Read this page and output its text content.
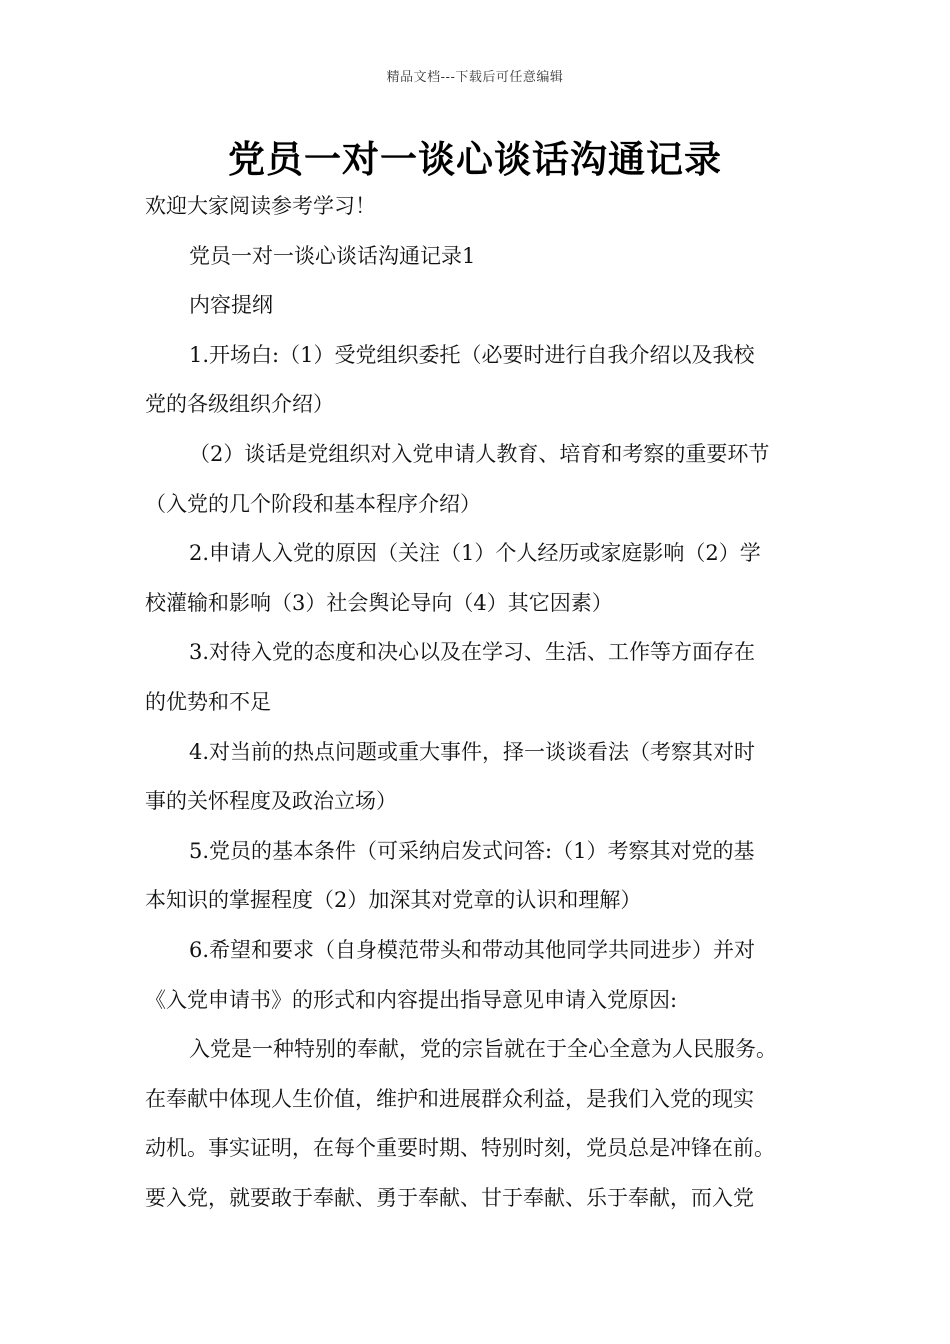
精品文档---下载后可任意编辑
党员一对一谈心谈话沟通记录

欢迎大家阅读参考学习！

党员一对一谈心谈话沟通记录1

内容提纲

1.开场白:（1）受党组织委托（必要时进行自我介绍以及我校

党的各级组织介绍）

（2）谈话是党组织对入党申请人教育、培育和考察的重要环节

（入党的几个阶段和基本程序介绍）

2.申请人入党的原因（关注（1）个人经历或家庭影响（2）学

校灌输和影响（3）社会舆论导向（4）其它因素）

3.对待入党的态度和决心以及在学习、生活、工作等方面存在

的优势和不足

4.对当前的热点问题或重大事件，择一谈谈看法（考察其对时

事的关怀程度及政治立场）

5.党员的基本条件（可采纳启发式问答:（1）考察其对党的基

本知识的掌握程度（2）加深其对党章的认识和理解）

6.希望和要求（自身模范带头和带动其他同学共同进步）并对

《入党申请书》的形式和内容提出指导意见申请入党原因:

入党是一种特别的奉献，党的宗旨就在于全心全意为人民服务。

在奉献中体现人生价值，维护和进展群众利益，是我们入党的现实

动机。事实证明，在每个重要时期、特别时刻，党员总是冲锋在前。

要入党，就要敢于奉献、勇于奉献、甘于奉献、乐于奉献，而入党
